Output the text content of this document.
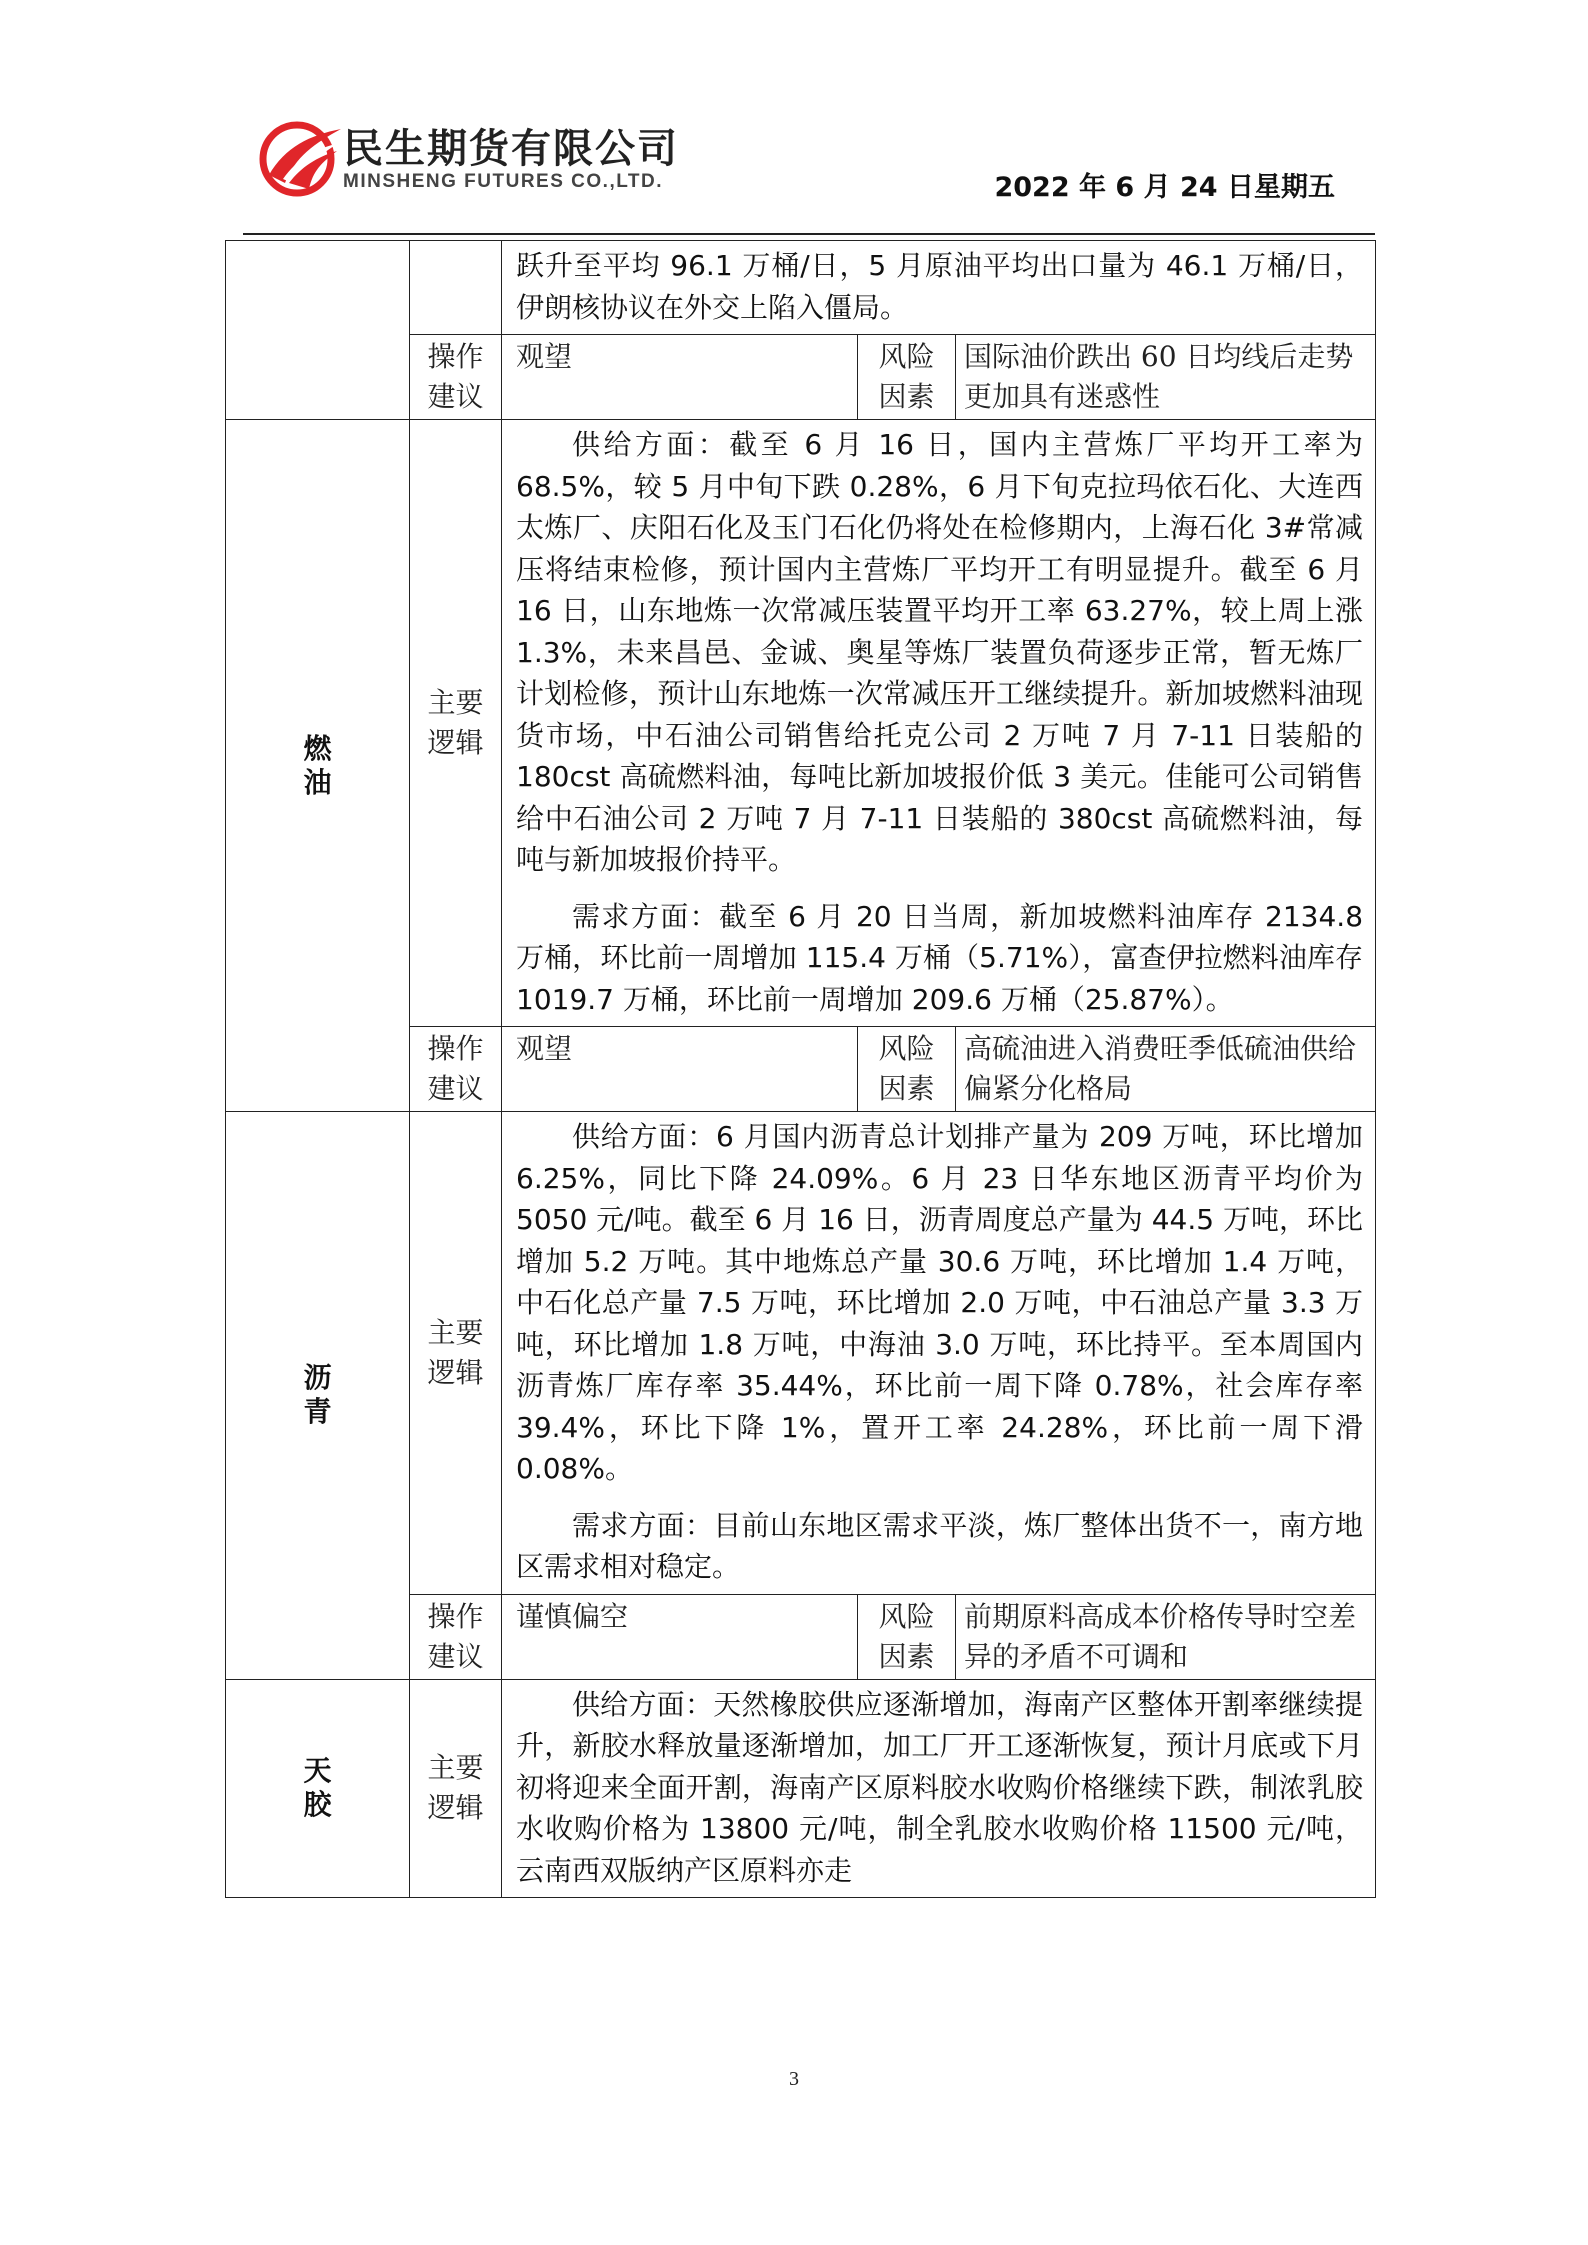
民生期货有限公司
MINSHENG FUTURES CO.,LTD.	2022 年 6 月 24 日星期五

		跃升至平均 96.1 万桶/日，5 月原油平均出口量为 46.1 万桶/日，伊朗核协议在外交上陷入僵局。		

	操作建议	观望	风险因素	国际油价跌出 60 日均线后走势更加具有迷惑性
燃油	主要逻辑	供给方面：截至 6 月 16 日，国内主营炼厂平均开工率为 68.5%，较 5 月中旬下跌 0.28%，6 月下旬克拉玛依石化、大连西太炼厂、庆阳石化及玉门石化仍将处在检修期内，上海石化 3#常减压将结束检修，预计国内主营炼厂平均开工有明显提升。截至 6 月 16 日，山东地炼一次常减压装置平均开工率 63.27%，较上周上涨 1.3%，未来昌邑、金诚、奥星等炼厂装置负荷逐步正常，暂无炼厂计划检修，预计山东地炼一次常减压开工继续提升。新加坡燃料油现货市场，中石油公司销售给托克公司 2 万吨 7 月 7-11 日装船的 180cst 高硫燃料油，每吨比新加坡报价低 3 美元。佳能可公司销售给中石油公司 2 万吨 7 月 7-11 日装船的 380cst 高硫燃料油，每吨与新加坡报价持平。

需求方面：截至 6 月 20 日当周，新加坡燃料油库存 2134.8 万桶，环比前一周增加 115.4 万桶（5.71%），富查伊拉燃料油库存 1019.7 万桶，环比前一周增加 209.6 万桶（25.87%）。		

	操作建议	观望	风险因素	高硫油进入消费旺季低硫油供给偏紧分化格局
沥青	主要逻辑	供给方面：6 月国内沥青总计划排产量为 209 万吨，环比增加 6.25%，同比下降 24.09%。6 月 23 日华东地区沥青平均价为 5050 元/吨。截至 6 月 16 日，沥青周度总产量为 44.5 万吨，环比增加 5.2 万吨。其中地炼总产量 30.6 万吨，环比增加 1.4 万吨，中石化总产量 7.5 万吨，环比增加 2.0 万吨，中石油总产量 3.3 万吨，环比增加 1.8 万吨，中海油 3.0 万吨，环比持平。至本周国内沥青炼厂库存率 35.44%，环比前一周下降 0.78%，社会库存率 39.4%，环比下降 1%，置开工率 24.28%，环比前一周下滑 0.08%。

需求方面：目前山东地区需求平淡，炼厂整体出货不一，南方地区需求相对稳定。		

	操作建议	谨慎偏空	风险因素	前期原料高成本价格传导时空差异的矛盾不可调和
天胶	主要逻辑	供给方面：天然橡胶供应逐渐增加，海南产区整体开割率继续提升，新胶水释放量逐渐增加，加工厂开工逐渐恢复，预计月底或下月初将迎来全面开割，海南产区原料胶水收购价格继续下跌，制浓乳胶水收购价格为 13800 元/吨，制全乳胶水收购价格 11500 元/吨，云南西双版纳产区原料亦走		

3
